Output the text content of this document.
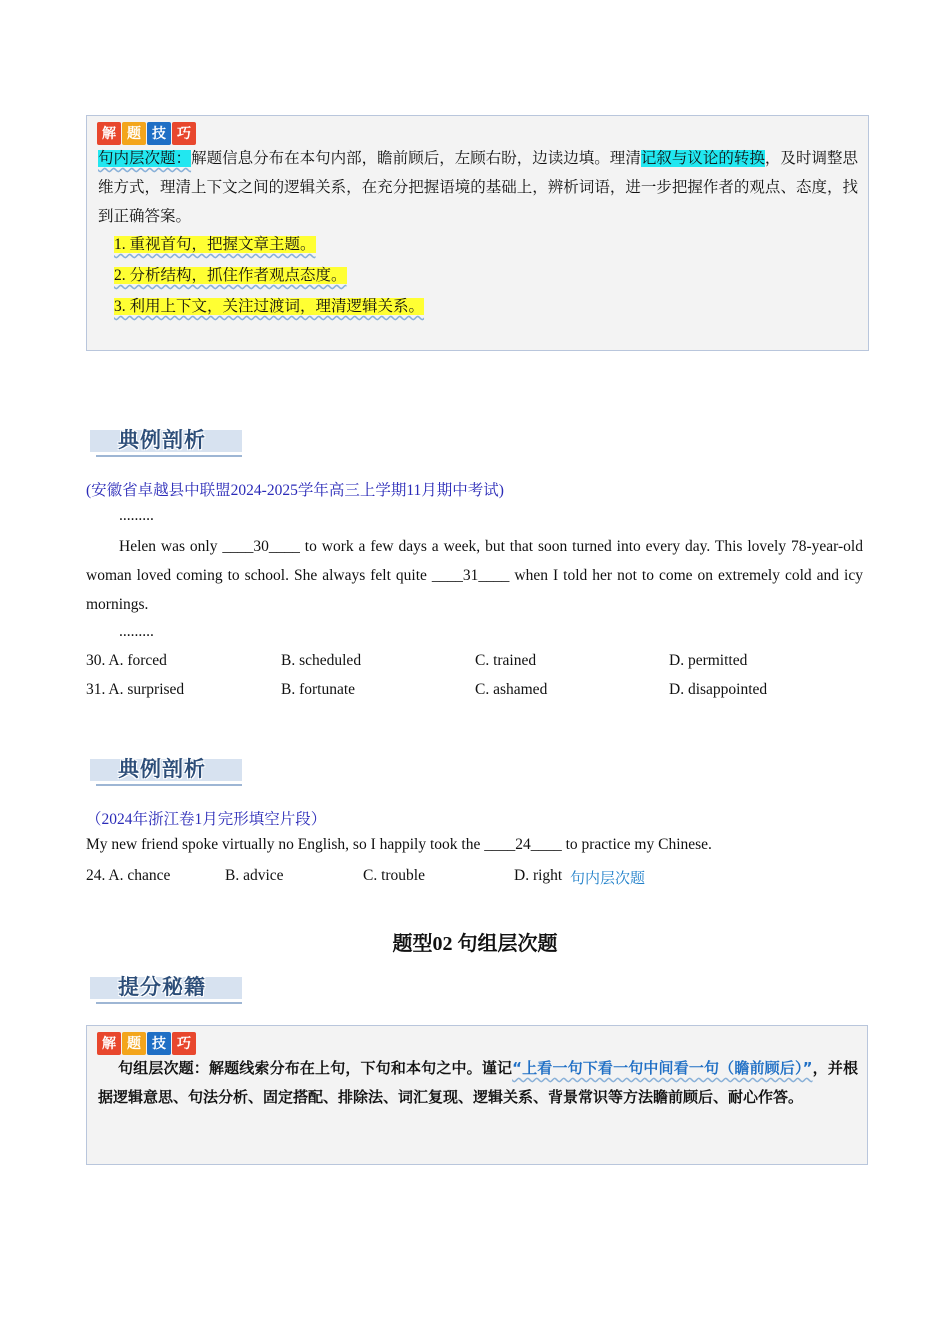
解 题 技 巧
句内层次题：解题信息分布在本句内部，瞻前顾后，左顾右盼，边读边填。理清记叙与议论的转换，及时调整思维方式，理清上下文之间的逻辑关系，在充分把握语境的基础上，辨析词语，进一步把握作者的观点、态度，找到正确答案。
1. 重视首句，把握文章主题。
2. 分析结构，抓住作者观点态度。
3. 利用上下文，关注过渡词，理清逻辑关系。
典例剖析
(安徽省卓越县中联盟2024-2025学年高三上学期11月期中考试)
.........
Helen was only ____30____ to work a few days a week, but that soon turned into every day. This lovely 78-year-old woman loved coming to school. She always felt quite ____31____ when I told her not to come on extremely cold and icy mornings.
.........
30. A. forced	B. scheduled	C. trained	D. permitted
31. A. surprised	B. fortunate	C. ashamed	D. disappointed
典例剖析
（2024年浙江卷1月完形填空片段）
My new friend spoke virtually no English, so I happily took the ____24____ to practice my Chinese.
24. A. chance	B. advice	C. trouble	D. right 句内层次题
题型02 句组层次题
提分秘籍
解 题 技 巧
句组层次题：解题线索分布在上句，下句和本句之中。谨记“上看一句下看一句中间看一句（瞻前顾后）”，并根据逻辑意思、句法分析、固定搭配、排除法、词汇复现、逻辑关系、背景常识等方法瞻前顾后、耐心作答。
